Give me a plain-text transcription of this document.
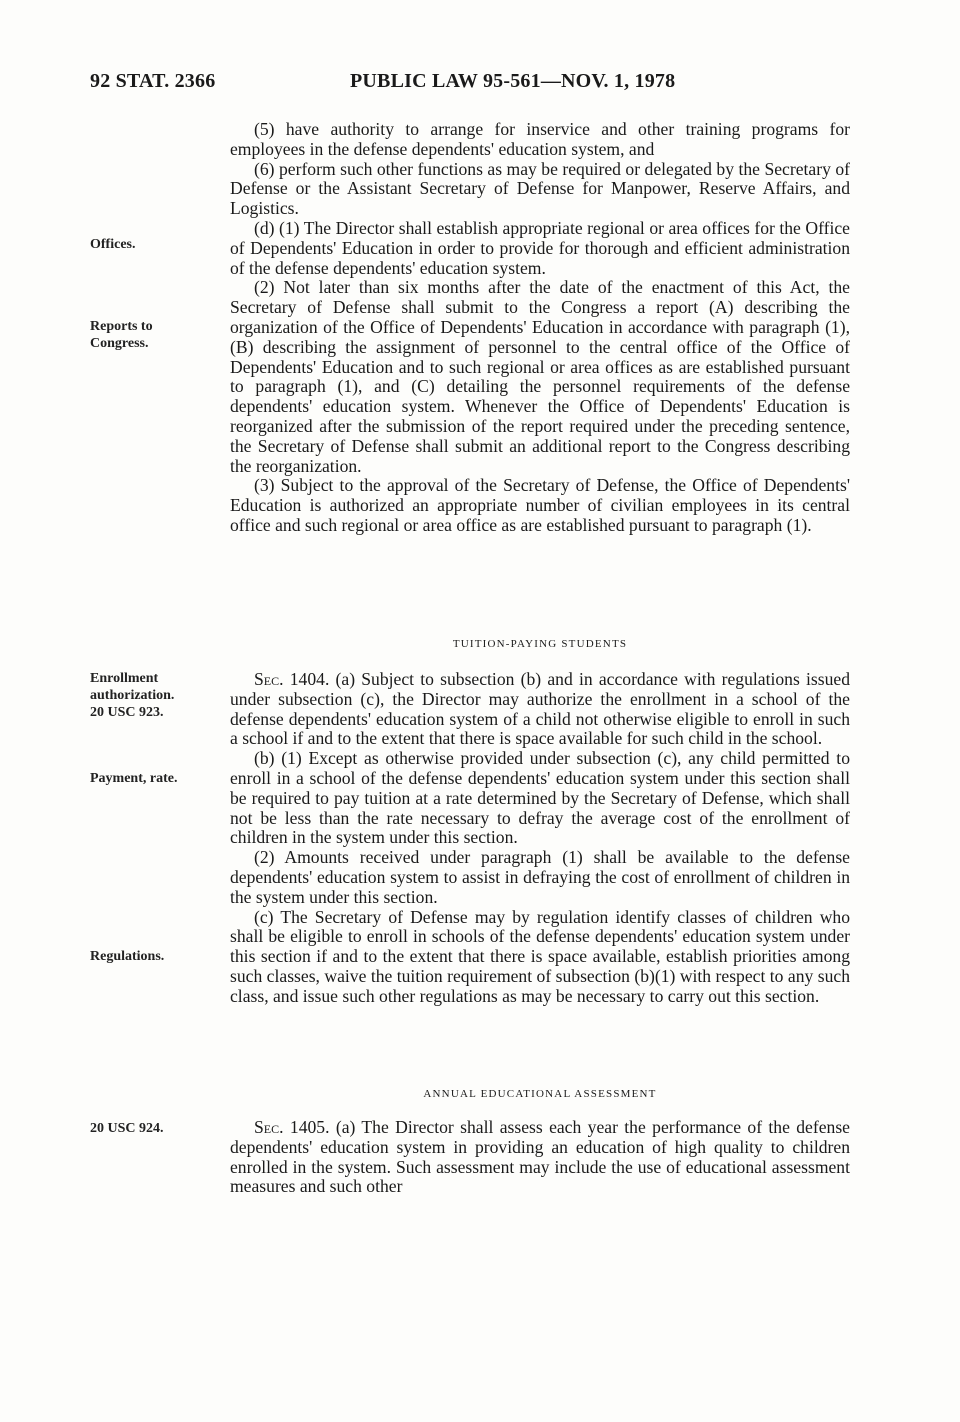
92 STAT. 2366	PUBLIC LAW 95-561—NOV. 1, 1978
Offices.
Reports to
Congress.
Enrollment
authorization.
20 USC 923.
Payment, rate.
Regulations.
20 USC 924.

(5) have authority to arrange for inservice and other training programs for employees in the defense dependents' education system, and

(6) perform such other functions as may be required or delegated by the Secretary of Defense or the Assistant Secretary of Defense for Manpower, Reserve Affairs, and Logistics.

(d) (1) The Director shall establish appropriate regional or area offices for the Office of Dependents' Education in order to provide for thorough and efficient administration of the defense dependents' education system.

(2) Not later than six months after the date of the enactment of this Act, the Secretary of Defense shall submit to the Congress a report (A) describing the organization of the Office of Dependents' Education in accordance with paragraph (1), (B) describing the assignment of personnel to the central office of the Office of Dependents' Education and to such regional or area offices as are established pursuant to paragraph (1), and (C) detailing the personnel requirements of the defense dependents' education system. Whenever the Office of Dependents' Education is reorganized after the submission of the report required under the preceding sentence, the Secretary of Defense shall submit an additional report to the Congress describing the reorganization.

(3) Subject to the approval of the Secretary of Defense, the Office of Dependents' Education is authorized an appropriate number of civilian employees in its central office and such regional or area office as are established pursuant to paragraph (1).

TUITION-PAYING STUDENTS

Sec. 1404. (a) Subject to subsection (b) and in accordance with regulations issued under subsection (c), the Director may authorize the enrollment in a school of the defense dependents' education system of a child not otherwise eligible to enroll in such a school if and to the extent that there is space available for such child in the school.

(b) (1) Except as otherwise provided under subsection (c), any child permitted to enroll in a school of the defense dependents' education system under this section shall be required to pay tuition at a rate determined by the Secretary of Defense, which shall not be less than the rate necessary to defray the average cost of the enrollment of children in the system under this section.

(2) Amounts received under paragraph (1) shall be available to the defense dependents' education system to assist in defraying the cost of enrollment of children in the system under this section.

(c) The Secretary of Defense may by regulation identify classes of children who shall be eligible to enroll in schools of the defense dependents' education system under this section if and to the extent that there is space available, establish priorities among such classes, waive the tuition requirement of subsection (b)(1) with respect to any such class, and issue such other regulations as may be necessary to carry out this section.

ANNUAL EDUCATIONAL ASSESSMENT

Sec. 1405. (a) The Director shall assess each year the performance of the defense dependents' education system in providing an education of high quality to children enrolled in the system. Such assessment may include the use of educational assessment measures and such other
